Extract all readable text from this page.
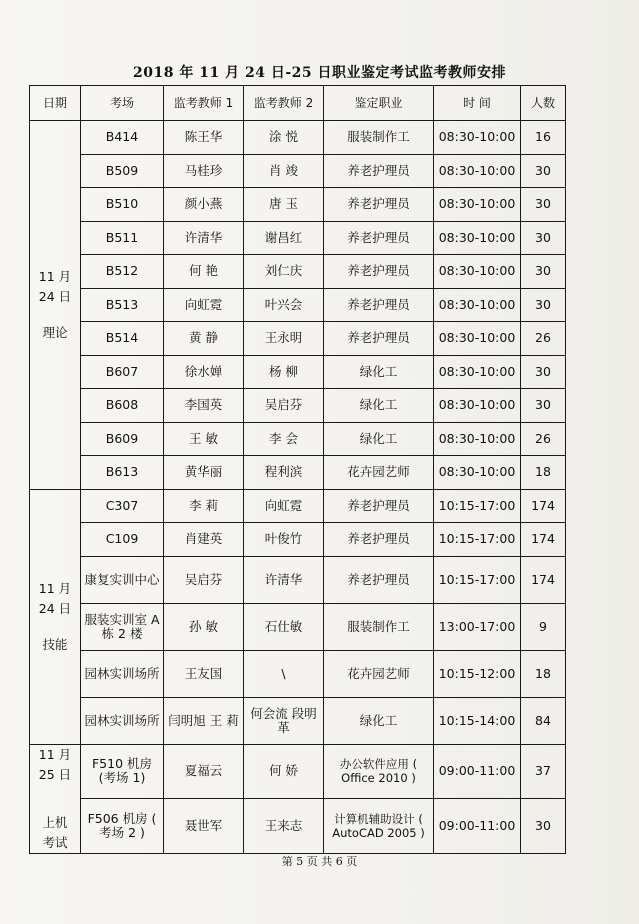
2018 年 11 月 24 日-25 日职业鉴定考试监考教师安排
日期	考场	监考教师 1	监考教师 2	鉴定职业	时 间	人数

11 月
24 日
理论	B414	陈王华	涂 悦	服装制作工	08:30-10:00	16
	B509	马桂珍	肖 竣	养老护理员	08:30-10:00	30
	B510	颜小燕	唐 玉	养老护理员	08:30-10:00	30
	B511	许清华	谢昌红	养老护理员	08:30-10:00	30
	B512	何 艳	刘仁庆	养老护理员	08:30-10:00	30
	B513	向虹霓	叶兴会	养老护理员	08:30-10:00	30
	B514	黄 静	王永明	养老护理员	08:30-10:00	26
	B607	徐水婵	杨 柳	绿化工	08:30-10:00	30
	B608	李国英	吴启芬	绿化工	08:30-10:00	30
	B609	王 敏	李 会	绿化工	08:30-10:00	26
	B613	黄华丽	程利滨	花卉园艺师	08:30-10:00	18

11 月
24 日
技能	C307	李 莉	向虹霓	养老护理员	10:15-17:00	174
	C109	肖建英	叶俊竹	养老护理员	10:15-17:00	174
	康复实训中心	吴启芬	许清华	养老护理员	10:15-17:00	174
	服装实训室 A 栋 2 楼	孙 敏	石仕敏	服装制作工	13:00-17:00	9
	园林实训场所	王友国	\	花卉园艺师	10:15-12:00	18
	园林实训场所	闫明旭 王 莉	何会流 段明革	绿化工	10:15-14:00	84

11 月
25 日
上机
考试	F510 机房 (考场 1)	夏福云	何 娇	办公软件应用 ( Office 2010 )	09:00-11:00	37
	F506 机房 ( 考场 2 )	聂世军	王来志	计算机辅助设计 ( AutoCAD 2005 )	09:00-11:00	30
第 5 页 共 6 页
